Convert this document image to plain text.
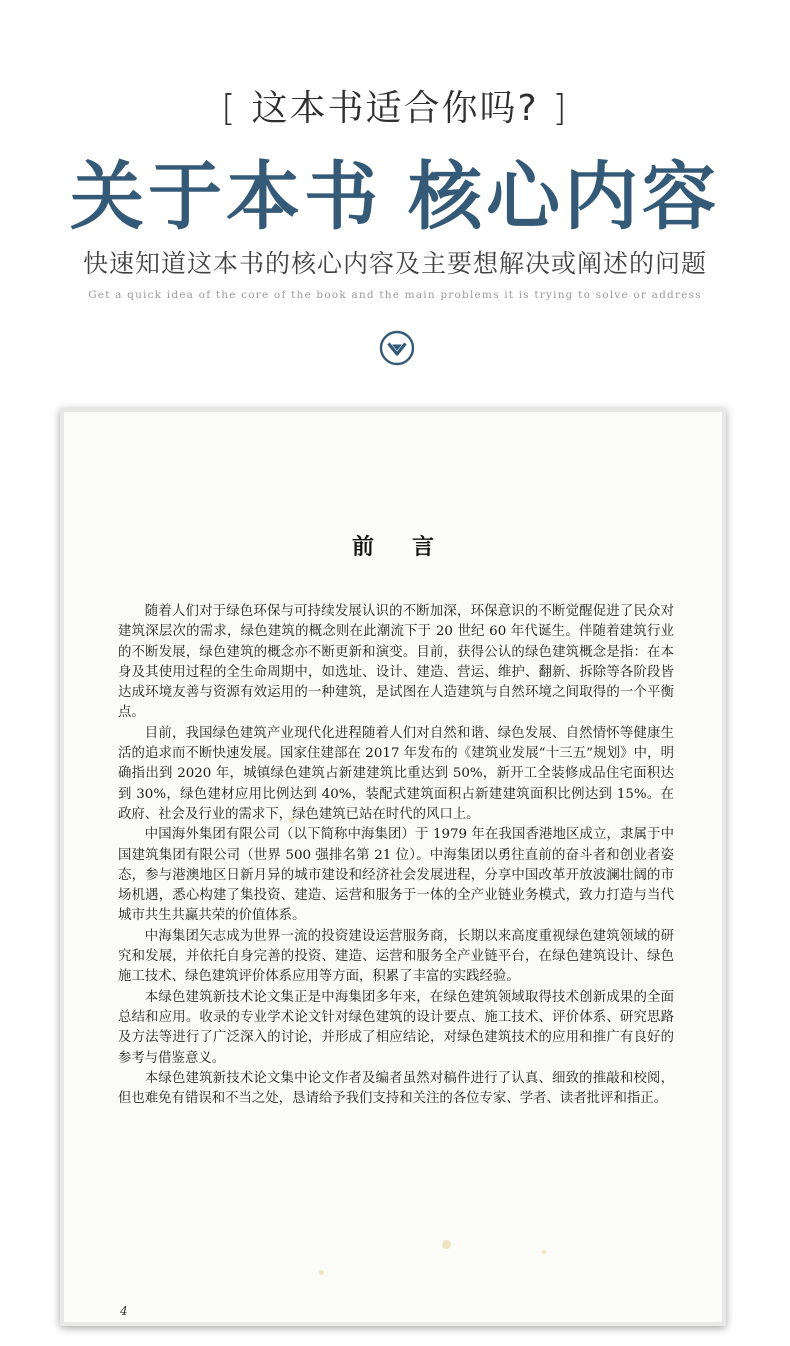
[ 这本书适合你吗? ]
关于本书 核心内容
快速知道这本书的核心内容及主要想解决或阐述的问题
Get a quick idea of the core of the book and the main problems it is trying to solve or address
前言

随着人们对于绿色环保与可持续发展认识的不断加深，环保意识的不断觉醒促进了民众对建筑深层次的需求，绿色建筑的概念则在此潮流下于 20 世纪 60 年代诞生。伴随着建筑行业的不断发展，绿色建筑的概念亦不断更新和演变。目前，获得公认的绿色建筑概念是指：在本身及其使用过程的全生命周期中，如选址、设计、建造、营运、维护、翻新、拆除等各阶段皆达成环境友善与资源有效运用的一种建筑，是试图在人造建筑与自然环境之间取得的一个平衡点。

目前，我国绿色建筑产业现代化进程随着人们对自然和谐、绿色发展、自然情怀等健康生活的追求而不断快速发展。国家住建部在 2017 年发布的《建筑业发展“十三五”规划》中，明确指出到 2020 年，城镇绿色建筑占新建建筑比重达到 50%，新开工全装修成品住宅面积达到 30%，绿色建材应用比例达到 40%，装配式建筑面积占新建建筑面积比例达到 15%。在政府、社会及行业的需求下，绿色建筑已站在时代的风口上。

中国海外集团有限公司（以下简称中海集团）于 1979 年在我国香港地区成立，隶属于中国建筑集团有限公司（世界 500 强排名第 21 位）。中海集团以勇往直前的奋斗者和创业者姿态，参与港澳地区日新月异的城市建设和经济社会发展进程，分享中国改革开放波澜壮阔的市场机遇，悉心构建了集投资、建造、运营和服务于一体的全产业链业务模式，致力打造与当代城市共生共赢共荣的价值体系。

中海集团矢志成为世界一流的投资建设运营服务商，长期以来高度重视绿色建筑领域的研究和发展，并依托自身完善的投资、建造、运营和服务全产业链平台，在绿色建筑设计、绿色施工技术、绿色建筑评价体系应用等方面，积累了丰富的实践经验。

本绿色建筑新技术论文集正是中海集团多年来，在绿色建筑领域取得技术创新成果的全面总结和应用。收录的专业学术论文针对绿色建筑的设计要点、施工技术、评价体系、研究思路及方法等进行了广泛深入的讨论，并形成了相应结论，对绿色建筑技术的应用和推广有良好的参考与借鉴意义。

本绿色建筑新技术论文集中论文作者及编者虽然对稿件进行了认真、细致的推敲和校阅，但也难免有错误和不当之处，恳请给予我们支持和关注的各位专家、学者、读者批评和指正。

4
